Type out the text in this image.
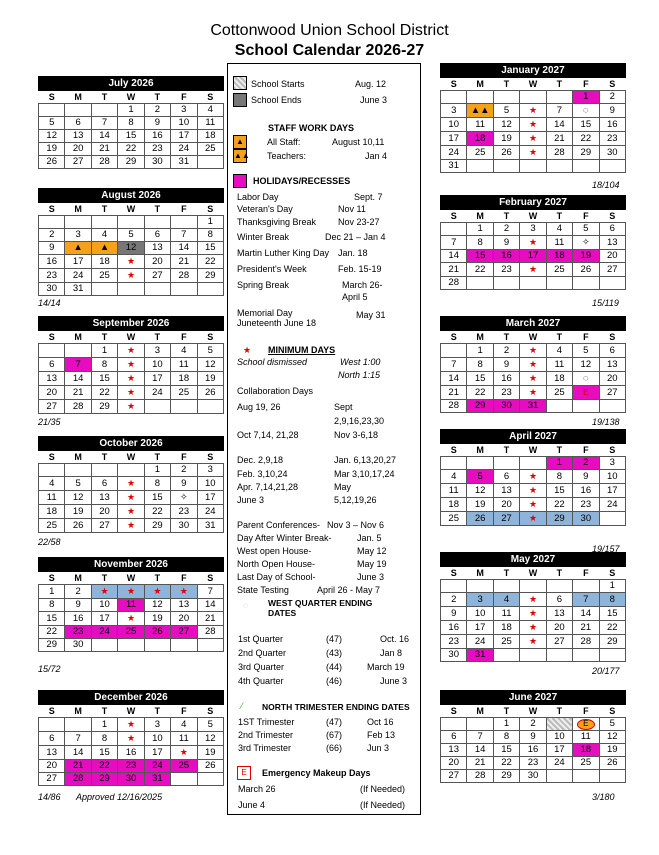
Cottonwood Union School District
School Calendar 2026-27
July 2026
S	M	T	W	T	F	S
			1	2	3	4
5	6	7	8	9	10	11
12	13	14	15	16	17	18
19	20	21	22	23	24	25
26	27	28	29	30	31	
August 2026
S	M	T	W	T	F	S
						1
2	3	4	5	6	7	8
9	▲	▲	12	13	14	15
16	17	18	★	20	21	22
23	24	25	★	27	28	29
30	31					
September 2026
S	M	T	W	T	F	S
		1	★	3	4	5
6	7	8	★	10	11	12
13	14	15	★	17	18	19
20	21	22	★	24	25	26
27	28	29	★			
October 2026
S	M	T	W	T	F	S
				1	2	3
4	5	6	★	8	9	10
11	12	13	★	15	✧	17
18	19	20	★	22	23	24
25	26	27	★	29	30	31
November 2026
S	M	T	W	T	F	S
1	2	★	★	★	★	7
8	9	10	11	12	13	14
15	16	17	★	19	20	21
22	23	24	25	26	27	28
29	30					
December 2026
S	M	T	W	T	F	S
		1	★	3	4	5
6	7	8	★	10	11	12
13	14	15	16	17	★	19
20	21	22	23	24	25	26
27	28	29	30	31		
January 2027
S	M	T	W	T	F	S
					1	2
3	▲▲	5	★	7	◌	9
10	11	12	★	14	15	16
17	18	19	★	21	22	23
24	25	26	★	28	29	30
31						
February 2027
S	M	T	W	T	F	S
	1	2	3	4	5	6
7	8	9	★	11	✧	13
14	15	16	17	18	19	20
21	22	23	★	25	26	27
28						
March 2027
S	M	T	W	T	F	S
	1	2	★	4	5	6
7	8	9	★	11	12	13
14	15	16	★	18	◌	20
21	22	23	★	25	E	27
28	29	30	31			
April 2027
S	M	T	W	T	F	S
				1	2	3
4	5	6	★	8	9	10
11	12	13	★	15	16	17
18	19	20	★	22	23	24
25	26	27	★	29	30	
May 2027
S	M	T	W	T	F	S
						1
2	3	4	★	6	7	8
9	10	11	★	13	14	15
16	17	18	★	20	21	22
23	24	25	★	27	28	29
30	31					
June 2027
S	M	T	W	T	F	S
		1	2		E	5
6	7	8	9	10	11	12
13	14	15	16	17	18	19
20	21	22	23	24	25	26
27	28	29	30			
School Starts	Aug. 12
School Ends	June 3
STAFF WORK DAYS
▲
▲▲
All Staff:	August 10,11
Teachers:	Jan 4
HOLIDAYS/RECESSES
Labor Day	Sept. 7
Veteran's Day	Nov 11
Thanksgiving Break Nov 23-27
Winter Break	Dec 21 – Jan 4
Martin Luther King Day Jan. 18
President's Week	Feb. 15-19
Spring Break	March 26-
April 5
Memorial Day	May 31
Juneteenth June 18
★ MINIMUM DAYS
School dismissed	West 1:00
North 1:15
Collaboration Days
Aug 19, 26	Sept
2,9,16,23,30
Oct 7,14, 21,28	Nov 3-6,18
Dec. 2,9,18	Jan. 6,13,20,27
Feb. 3,10,24	Mar 3,10,17,24
Apr. 7,14,21,28	May
June 3	5,12,19,26
Parent Conferences- Nov 3 – Nov 6
Day After Winter Break-	Jan. 5
West open House-	May 12
North Open House-	May 19
Last Day of School-	June 3
State Testing	April 26 - May 7
◌ WEST QUARTER ENDING DATES
1st Quarter	(47)	Oct. 16
2nd Quarter	(43)	Jan 8
3rd Quarter	(44)	March 19
4th Quarter	(46)	June 3
⁄ NORTH TRIMESTER ENDING DATES
1ST Trimester	(47)	Oct 16
2nd Trimester	(67)	Feb 13
3rd Trimester	(66)	Jun 3
E	Emergency Makeup Days
March 26	(If Needed)
June 4	(If Needed)
14/14
21/35
22/58
15/72
14/86 Approved 12/16/2025
18/104
15/119
19/138
19/157
20/177
3/180
